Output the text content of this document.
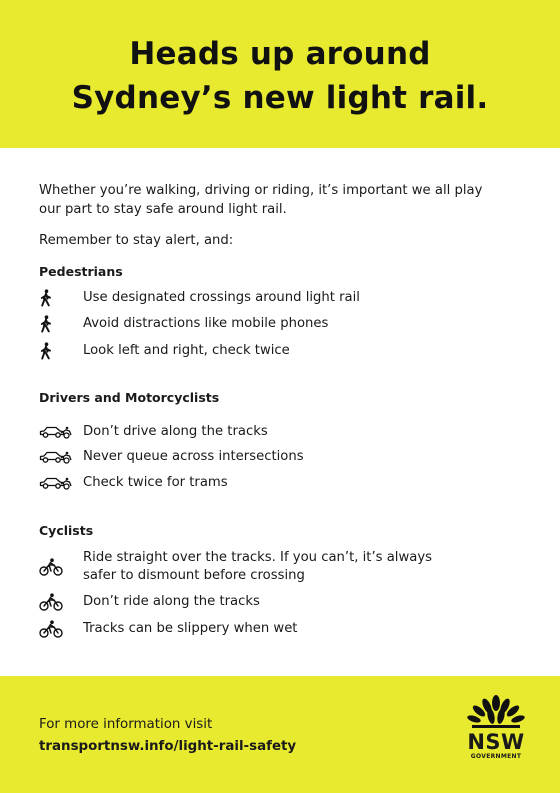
Heads up around
Sydney’s new light rail.

Whether you’re walking, driving or riding, it’s important we all play
our part to stay safe around light rail.

Remember to stay alert, and:

Pedestrians
Use designated crossings around light rail
Avoid distractions like mobile phones
Look left and right, check twice
Drivers and Motorcyclists
Don’t drive along the tracks
Never queue across intersections
Check twice for trams
Cyclists
Ride straight over the tracks. If you can’t, it’s always
safer to dismount before crossing
Don’t ride along the tracks
Tracks can be slippery when wet
For more information visit
transportnsw.info/light-rail-safety	NSW
GOVERNMENT
